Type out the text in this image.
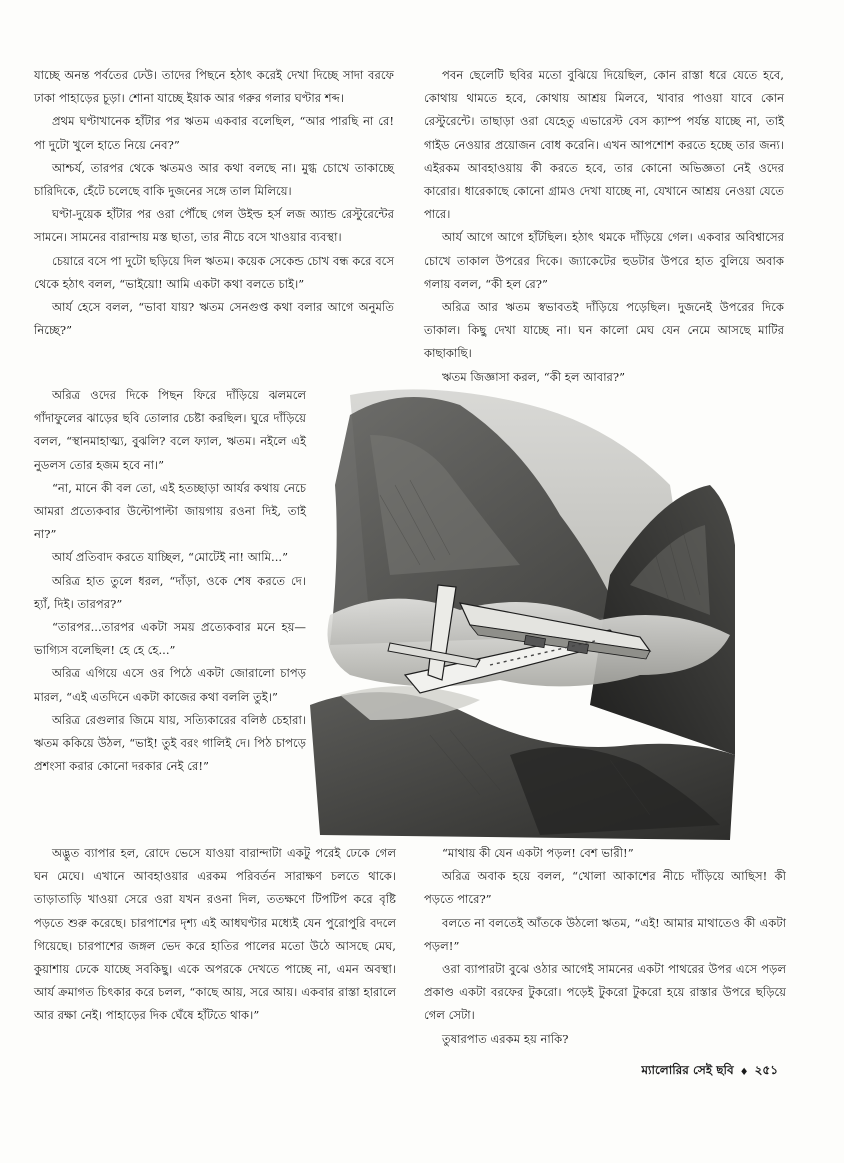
যাচ্ছে অনন্ত পর্বতের ঢেউ। তাদের পিছনে হঠাৎ করেই দেখা দিচ্ছে সাদা বরফে ঢাকা পাহাড়ের চূড়া। শোনা যাচ্ছে ইয়াক আর গরুর গলার ঘণ্টার শব্দ।

প্রথম ঘণ্টাখানেক হাঁটার পর ঋতম একবার বলেছিল, “আর পারছি না রে! পা দুটো খুলে হাতে নিয়ে নেব?”

আশ্চর্য, তারপর থেকে ঋতমও আর কথা বলছে না। মুগ্ধ চোখে তাকাচ্ছে চারিদিকে, হেঁটে চলেছে বাকি দুজনের সঙ্গে তাল মিলিয়ে।

ঘণ্টা-দুয়েক হাঁটার পর ওরা পৌঁছে গেল উইল্ড হর্স লজ অ্যান্ড রেস্টুরেন্টের সামনে। সামনের বারান্দায় মস্ত ছাতা, তার নীচে বসে খাওয়ার ব্যবস্থা।

চেয়ারে বসে পা দুটো ছড়িয়ে দিল ঋতম। কয়েক সেকেন্ড চোখ বন্ধ করে বসে থেকে হঠাৎ বলল, “ভাইয়ো! আমি একটা কথা বলতে চাই।”

আর্য হেসে বলল, “ভাবা যায়? ঋতম সেনগুপ্ত কথা বলার আগে অনুমতি নিচ্ছে?”

পবন ছেলেটি ছবির মতো বুঝিয়ে দিয়েছিল, কোন রাস্তা ধরে যেতে হবে, কোথায় থামতে হবে, কোথায় আশ্রয় মিলবে, খাবার পাওয়া যাবে কোন রেস্টুরেন্টে। তাছাড়া ওরা যেহেতু এভারেস্ট বেস ক্যাম্প পর্যন্ত যাচ্ছে না, তাই গাইড নেওয়ার প্রয়োজন বোধ করেনি। এখন আপশোশ করতে হচ্ছে তার জন্য। এইরকম আবহাওয়ায় কী করতে হবে, তার কোনো অভিজ্ঞতা নেই ওদের কারোর। ধারেকাছে কোনো গ্রামও দেখা যাচ্ছে না, যেখানে আশ্রয় নেওয়া যেতে পারে।

আর্য আগে আগে হাঁটছিল। হঠাৎ থমকে দাঁড়িয়ে গেল। একবার অবিশ্বাসের চোখে তাকাল উপরের দিকে। জ্যাকেটের হুডটার উপরে হাত বুলিয়ে অবাক গলায় বলল, “কী হল রে?”

অরিত্র আর ঋতম স্বভাবতই দাঁড়িয়ে পড়েছিল। দুজনেই উপরের দিকে তাকাল। কিছু দেখা যাচ্ছে না। ঘন কালো মেঘ যেন নেমে আসছে মাটির কাছাকাছি।

ঋতম জিজ্ঞাসা করল, “কী হল আবার?”

অরিত্র ওদের দিকে পিছন ফিরে দাঁড়িয়ে ঝলমলে গাঁদাফুলের ঝাড়ের ছবি তোলার চেষ্টা করছিল। ঘুরে দাঁড়িয়ে বলল, “স্থানমাহাত্ম্য, বুঝলি? বলে ফ্যাল, ঋতম। নইলে এই নুডলস তোর হজম হবে না।”

“না, মানে কী বল তো, এই হতচ্ছাড়া আর্যর কথায় নেচে আমরা প্রত্যেকবার উল্টোপাল্টা জায়গায় রওনা দিই, তাই না?”

আর্য প্রতিবাদ করতে যাচ্ছিল, “মোটেই না! আমি...”

অরিত্র হাত তুলে ধরল, “দাঁড়া, ওকে শেষ করতে দে। হ্যাঁ, দিই। তারপর?”

“তারপর...তারপর একটা সময় প্রত্যেকবার মনে হয়—ভাগ্যিস বলেছিল! হে হে হে...”

অরিত্র এগিয়ে এসে ওর পিঠে একটা জোরালো চাপড় মারল, “এই এতদিনে একটা কাজের কথা বললি তুই।”

অরিত্র রেগুলার জিমে যায়, সত্যিকারের বলিষ্ঠ চেহারা। ঋতম ককিয়ে উঠল, “ভাই! তুই বরং গালিই দে। পিঠ চাপড়ে প্রশংসা করার কোনো দরকার নেই রে!”

অদ্ভুত ব্যাপার হল, রোদে ভেসে যাওয়া বারান্দাটা একটু পরেই ঢেকে গেল ঘন মেঘে। এখানে আবহাওয়ার এরকম পরিবর্তন সারাক্ষণ চলতে থাকে। তাড়াতাড়ি খাওয়া সেরে ওরা যখন রওনা দিল, ততক্ষণে টিপটিপ করে বৃষ্টি পড়তে শুরু করেছে। চারপাশের দৃশ্য এই আধঘণ্টার মধ্যেই যেন পুরোপুরি বদলে গিয়েছে। চারপাশের জঙ্গল ভেদ করে হাতির পালের মতো উঠে আসছে মেঘ, কুয়াশায় ঢেকে যাচ্ছে সবকিছু। একে অপরকে দেখতে পাচ্ছে না, এমন অবস্থা। আর্য ক্রমাগত চিৎকার করে চলল, “কাছে আয়, সরে আয়। একবার রাস্তা হারালে আর রক্ষা নেই। পাহাড়ের দিক ঘেঁষে হাঁটতে থাক।”

“মাথায় কী যেন একটা পড়ল! বেশ ভারী!”

অরিত্র অবাক হয়ে বলল, “খোলা আকাশের নীচে দাঁড়িয়ে আছিস! কী পড়তে পারে?”

বলতে না বলতেই আঁতকে উঠলো ঋতম, “এই! আমার মাথাতেও কী একটা পড়ল!”

ওরা ব্যাপারটা বুঝে ওঠার আগেই সামনের একটা পাথরের উপর এসে পড়ল প্রকাণ্ড একটা বরফের টুকরো। পড়েই টুকরো টুকরো হয়ে রাস্তার উপরে ছড়িয়ে গেল সেটা।

তুষারপাত এরকম হয় নাকি?

ম্যালোরির সেই ছবি ♦ ২৫১
